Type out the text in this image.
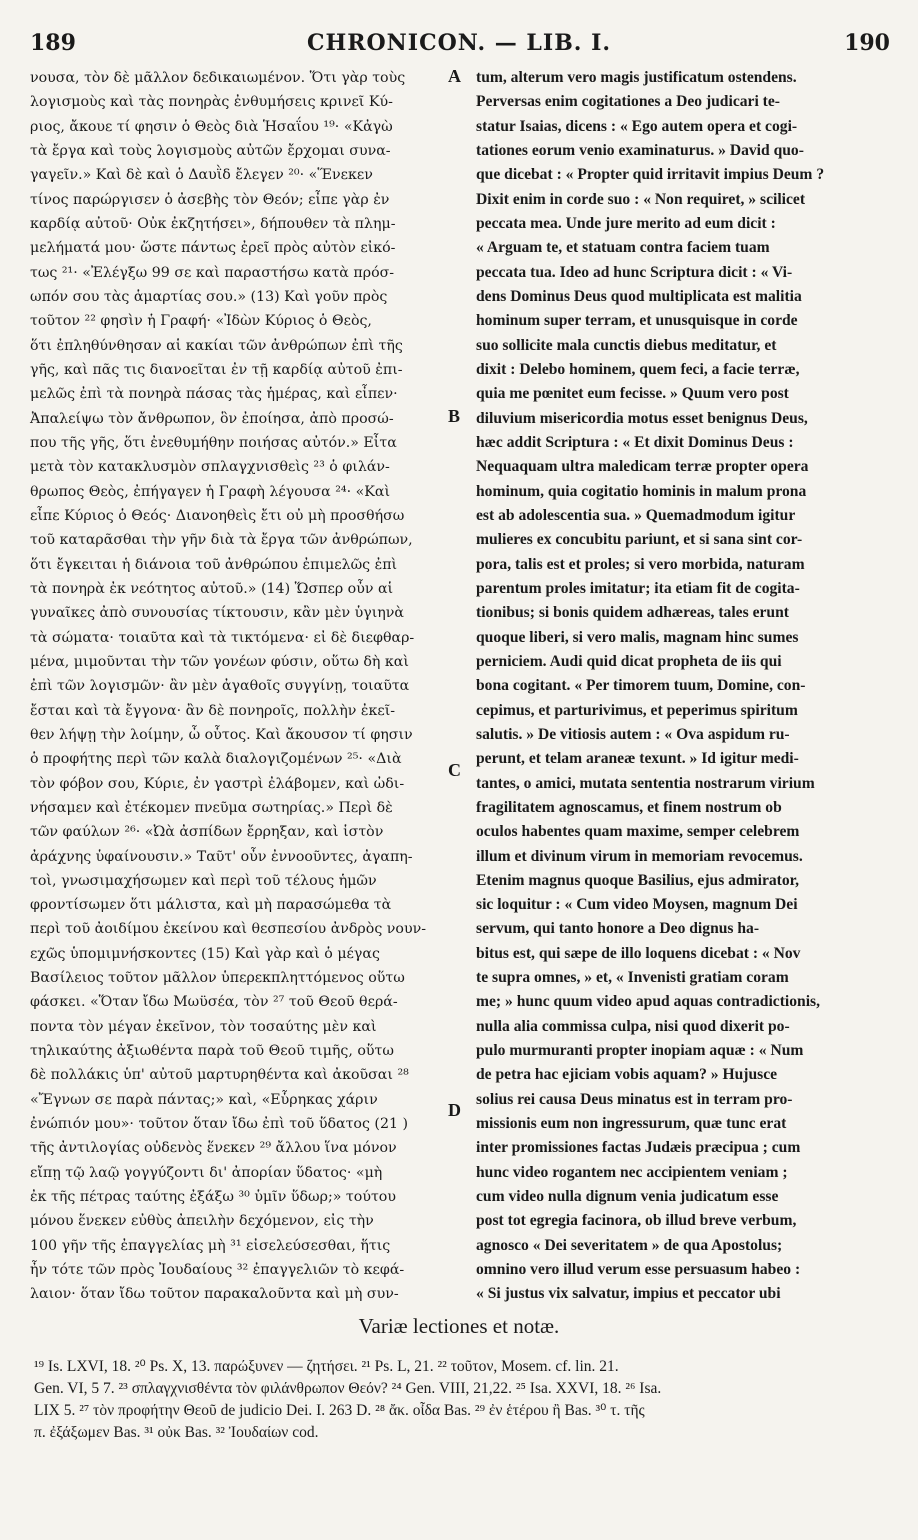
189	CHRONICON. — LIB. I.	190
νουσα, τὸν δὲ μᾶλλον δεδικαιωμένον. Ὅτι γὰρ τοὺς
λογισμοὺς καὶ τὰς πονηρὰς ἐνθυμήσεις κρινεῖ Κύ-
ριος, ἄκουε τί φησιν ὁ Θεὸς διὰ Ἡσαΐου ¹⁹· «Κἀγὼ
τὰ ἔργα καὶ τοὺς λογισμοὺς αὐτῶν ἔρχομαι συνα-
γαγεῖν.» Καὶ δὲ καὶ ὁ Δαυῒδ ἔλεγεν ²⁰· «Ἕνεκεν
τίνος παρώργισεν ὁ ἀσεβὴς τὸν Θεόν; εἶπε γὰρ ἐν
καρδίᾳ αὐτοῦ· Οὐκ ἐκζητήσει», δήπουθεν τὰ πλημ-
μελήματά μου· ὥστε πάντως ἐρεῖ πρὸς αὐτὸν εἰκό-
τως ²¹· «Ἐλέγξω 99 σε καὶ παραστήσω κατὰ πρόσ-
ωπόν σου τὰς ἁμαρτίας σου.» (13) Καὶ γοῦν πρὸς
τοῦτον ²² φησὶν ἡ Γραφή· «Ἰδὼν Κύριος ὁ Θεὸς,
ὅτι ἐπληθύνθησαν αἱ κακίαι τῶν ἀνθρώπων ἐπὶ τῆς
γῆς, καὶ πᾶς τις διανοεῖται ἐν τῇ καρδίᾳ αὐτοῦ ἐπι-
μελῶς ἐπὶ τὰ πονηρὰ πάσας τὰς ἡμέρας, καὶ εἶπεν·
Ἀπαλείψω τὸν ἄνθρωπον, ὃν ἐποίησα, ἀπὸ προσώ-
που τῆς γῆς, ὅτι ἐνεθυμήθην ποιήσας αὐτόν.» Εἶτα
μετὰ τὸν κατακλυσμὸν σπλαγχνισθεὶς ²³ ὁ φιλάν-
θρωπος Θεὸς, ἐπήγαγεν ἡ Γραφὴ λέγουσα ²⁴· «Καὶ
εἶπε Κύριος ὁ Θεός· Διανοηθεὶς ἔτι οὐ μὴ προσθήσω
τοῦ καταρᾶσθαι τὴν γῆν διὰ τὰ ἔργα τῶν ἀνθρώπων,
ὅτι ἔγκειται ἡ διάνοια τοῦ ἀνθρώπου ἐπιμελῶς ἐπὶ
τὰ πονηρὰ ἐκ νεότητος αὐτοῦ.» (14) Ὥσπερ οὖν αἱ
γυναῖκες ἀπὸ συνουσίας τίκτουσιν, κἂν μὲν ὑγιηνὰ
τὰ σώματα· τοιαῦτα καὶ τὰ τικτόμενα· εἰ δὲ διεφθαρ-
μένα, μιμοῦνται τὴν τῶν γονέων φύσιν, οὕτω δὴ καὶ
ἐπὶ τῶν λογισμῶν· ἂν μὲν ἀγαθοῖς συγγίνῃ, τοιαῦτα
ἔσται καὶ τὰ ἔγγονα· ἂν δὲ πονηροῖς, πολλὴν ἐκεῖ-
θεν λήψῃ τὴν λοίμην, ὦ οὗτος. Καὶ ἄκουσον τί φησιν
ὁ προφήτης περὶ τῶν καλὰ διαλογιζομένων ²⁵· «Διὰ
τὸν φόβον σου, Κύριε, ἐν γαστρὶ ἐλάβομεν, καὶ ὠδι-
νήσαμεν καὶ ἐτέκομεν πνεῦμα σωτηρίας.» Περὶ δὲ
τῶν φαύλων ²⁶· «Ὠὰ ἀσπίδων ἔρρηξαν, καὶ ἱστὸν
ἀράχνης ὑφαίνουσιν.» Ταῦτ' οὖν ἐννοοῦντες, ἀγαπη-
τοὶ, γνωσιμαχήσωμεν καὶ περὶ τοῦ τέλους ἡμῶν
φροντίσωμεν ὅτι μάλιστα, καὶ μὴ παρασώμεθα τὰ
περὶ τοῦ ἀοιδίμου ἐκείνου καὶ θεσπεσίου ἀνδρὸς νουν-
εχῶς ὑπομιμνήσκοντες (15) Καὶ γὰρ καὶ ὁ μέγας
Βασίλειος τοῦτον μᾶλλον ὑπερεκπληττόμενος οὕτω
φάσκει. «Ὅταν ἴδω Μωϋσέα, τὸν ²⁷ τοῦ Θεοῦ θερά-
ποντα τὸν μέγαν ἐκεῖνον, τὸν τοσαύτης μὲν καὶ
τηλικαύτης ἀξιωθέντα παρὰ τοῦ Θεοῦ τιμῆς, οὕτω
δὲ πολλάκις ὑπ' αὐτοῦ μαρτυρηθέντα καὶ ἀκοῦσαι ²⁸
«Ἔγνων σε παρὰ πάντας;» καὶ, «Εὗρηκας χάριν
ἐνώπιόν μου»· τοῦτον ὅταν ἴδω ἐπὶ τοῦ ὕδατος (21 )
τῆς ἀντιλογίας οὐδενὸς ἕνεκεν ²⁹ ἄλλου ἵνα μόνον
εἴπῃ τῷ λαῷ γογγύζοντι δι' ἀπορίαν ὕδατος· «μὴ
ἐκ τῆς πέτρας ταύτης ἐξάξω ³⁰ ὑμῖν ὕδωρ;» τούτου
μόνου ἕνεκεν εὐθὺς ἀπειλὴν δεχόμενον, εἰς τὴν
100 γῆν τῆς ἐπαγγελίας μὴ ³¹ εἰσελεύσεσθαι, ἥτις
ἦν τότε τῶν πρὸς Ἰουδαίους ³² ἐπαγγελιῶν τὸ κεφά-
λαιον· ὅταν ἴδω τοῦτον παρακαλοῦντα καὶ μὴ συν-
tum, alterum vero magis justificatum ostendens.
Perversas enim cogitationes a Deo judicari te-
statur Isaias, dicens : « Ego autem opera et cogi-
tationes eorum venio examinaturus. » David quo-
que dicebat : « Propter quid irritavit impius Deum ?
Dixit enim in corde suo : « Non requiret, » scilicet
peccata mea. Unde jure merito ad eum dicit :
« Arguam te, et statuam contra faciem tuam
peccata tua. Ideo ad hunc Scriptura dicit : « Vi-
dens Dominus Deus quod multiplicata est malitia
hominum super terram, et unusquisque in corde
suo sollicite mala cunctis diebus meditatur, et
dixit : Delebo hominem, quem feci, a facie terræ,
quia me pœnitet eum fecisse. » Quum vero post
diluvium misericordia motus esset benignus Deus,
hæc addit Scriptura : « Et dixit Dominus Deus :
Nequaquam ultra maledicam terræ propter opera
hominum, quia cogitatio hominis in malum prona
est ab adolescentia sua. » Quemadmodum igitur
mulieres ex concubitu pariunt, et si sana sint cor-
pora, talis est et proles; si vero morbida, naturam
parentum proles imitatur; ita etiam fit de cogita-
tionibus; si bonis quidem adhæreas, tales erunt
quoque liberi, si vero malis, magnam hinc sumes
perniciem. Audi quid dicat propheta de iis qui
bona cogitant. « Per timorem tuum, Domine, con-
cepimus, et parturivimus, et peperimus spiritum
salutis. » De vitiosis autem : « Ova aspidum ru-
perunt, et telam araneæ texunt. » Id igitur medi-
tantes, o amici, mutata sententia nostrarum virium
fragilitatem agnoscamus, et finem nostrum ob
oculos habentes quam maxime, semper celebrem
illum et divinum virum in memoriam revocemus.
Etenim magnus quoque Basilius, ejus admirator,
sic loquitur : « Cum video Moysen, magnum Dei
servum, qui tanto honore a Deo dignus ha-
bitus est, qui sæpe de illo loquens dicebat : « Nov
te supra omnes, » et, « Invenisti gratiam coram
me; » hunc quum video apud aquas contradictionis,
nulla alia commissa culpa, nisi quod dixerit po-
pulo murmuranti propter inopiam aquæ : « Num
de petra hac ejiciam vobis aquam? » Hujusce
solius rei causa Deus minatus est in terram pro-
missionis eum non ingressurum, quæ tunc erat
inter promissiones factas Judæis præcipua ; cum
hunc video rogantem nec accipientem veniam ;
cum video nulla dignum venia judicatum esse
post tot egregia facinora, ob illud breve verbum,
agnosco « Dei severitatem » de qua Apostolus;
omnino vero illud verum esse persuasum habeo :
« Si justus vix salvatur, impius et peccator ubi
A
B
C
D
Variæ lectiones et notæ.
¹⁹ Is. LXVI, 18. ²⁰ Ps. X, 13. παρώξυνεν — ζητήσει. ²¹ Ps. L, 21. ²² τοῦτον, Mosem. cf. lin. 21.
Gen. VI, 5 7. ²³ σπλαγχνισθέντα τὸν φιλάνθρωπον Θεόν? ²⁴ Gen. VIII, 21,22. ²⁵ Isa. XXVI, 18. ²⁶ Isa.
LIX 5. ²⁷ τὸν προφήτην Θεοῦ de judicio Dei. I. 263 D. ²⁸ ἄκ. οἶδα Bas. ²⁹ ἐν ἑτέρου ἢ Bas. ³⁰ τ. τῆς
π. ἐξάξωμεν Bas. ³¹ οὐκ Bas. ³² Ἰουδαίων cod.
